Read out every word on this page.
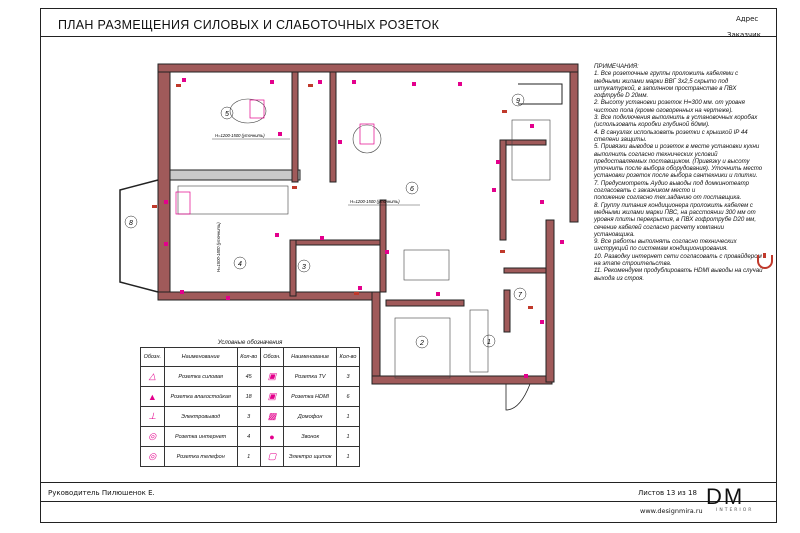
ПЛАН РАЗМЕЩЕНИЯ СИЛОВЫХ И СЛАБОТОЧНЫХ РОЗЕТОК	Адрес
Заказчик
5
6
9
8
4	3
2	1
7
Н=1200-1500 (уточнить)
Н=1200-1500 (уточнить)
Н=1500-1800 (уточнить)
ПРИМЕЧАНИЯ:
1. Все розеточные группы проложить кабелями с медными жилами марки ВВГ 3х2,5 скрыто под штукатуркой, в заполнном пространстве в ПВХ гофтрубе D 20мм.
2. Высоту установки розеток Н=300 мм. от уровня чистого пола (кроме оговоренных на чертеже).
3. Все подключения выполнить в установочных коробах (использовать коробки глубиной 60мм).
4. В санузлах использовать розетки с крышкой IP 44 степени защиты.
5. Привязки выводов и розеток в месте установки кухни выполнить согласно технических условий предоставляемых поставщиком. (Привязку и высоту уточнить после выбора оборудования). Уточнить место установки розеток после выбора сантехники и плитки.
7. Предусмотреть Аудио выводы под домкинотеатр согласовать с заказчиком место и
положение согласно тех.заданию от поставщика.
8. Группу питания кондиционера проложить кабелем с медными жилами марки ПВС, на расстоянии 300 мм от уровня плиты перекрытия, в ПВХ гофротрубе D20 мм, сечение кабелей согласно расчету компании установщика.
9. Все работы выполнять согласно технических инструкций по системам кондиционирования.
10. Разводку интернет сети согласовать с провайдером на этапе строительства.
11. Рекомендуем продублировать HDMI выводы на случай выхода из строя.
Условные обозначения					
Обозн.	Наименование	Кол-во	Обозн.	Наименование	Кол-во
△	Розетка силовая	45	▣	Розетка TV	3
▲	Розетка влагостойкая	18	▣	Розетка HDMI	6
⊥	Электровывод	3	▩	Домофон	1
◎	Розетка интернет	4	●	Звонок	1
◎	Розетка телефон	1	▢	Электро щиток	1
Руководитель Пилюшенок Е.	Листов 13 из 18
www.designmira.ru
DM
INTERIOR
